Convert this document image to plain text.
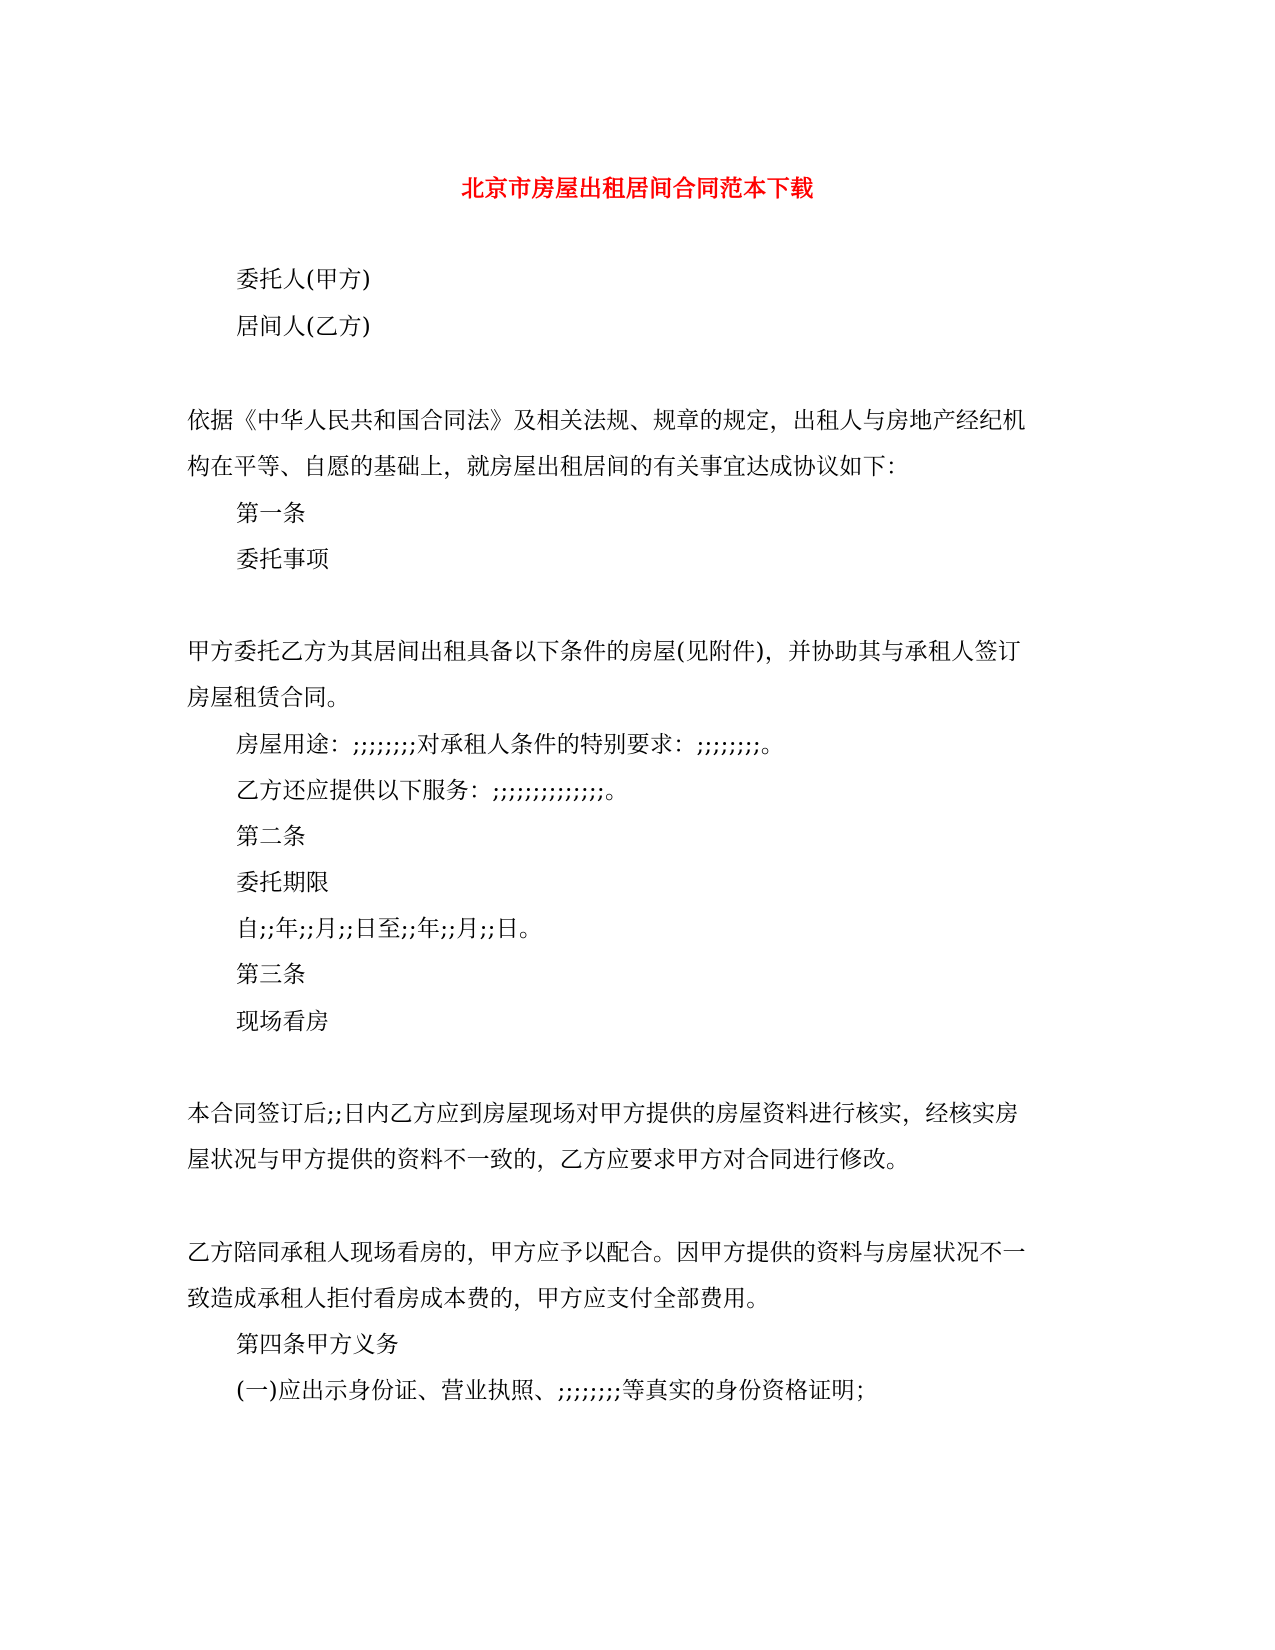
北京市房屋出租居间合同范本下载
委托人(甲方)
居间人(乙方)
依据《中华人民共和国合同法》及相关法规、规章的规定，出租人与房地产经纪机
构在平等、自愿的基础上，就房屋出租居间的有关事宜达成协议如下：
第一条
委托事项
甲方委托乙方为其居间出租具备以下条件的房屋(见附件)，并协助其与承租人签订
房屋租赁合同。
房屋用途：;;;;;;;;对承租人条件的特别要求：;;;;;;;;。
乙方还应提供以下服务：;;;;;;;;;;;;;;。
第二条
委托期限
自;;年;;月;;日至;;年;;月;;日。
第三条
现场看房
本合同签订后;;日内乙方应到房屋现场对甲方提供的房屋资料进行核实，经核实房
屋状况与甲方提供的资料不一致的，乙方应要求甲方对合同进行修改。
乙方陪同承租人现场看房的，甲方应予以配合。因甲方提供的资料与房屋状况不一
致造成承租人拒付看房成本费的，甲方应支付全部费用。
第四条甲方义务
(一)应出示身份证、营业执照、;;;;;;;;等真实的身份资格证明；
